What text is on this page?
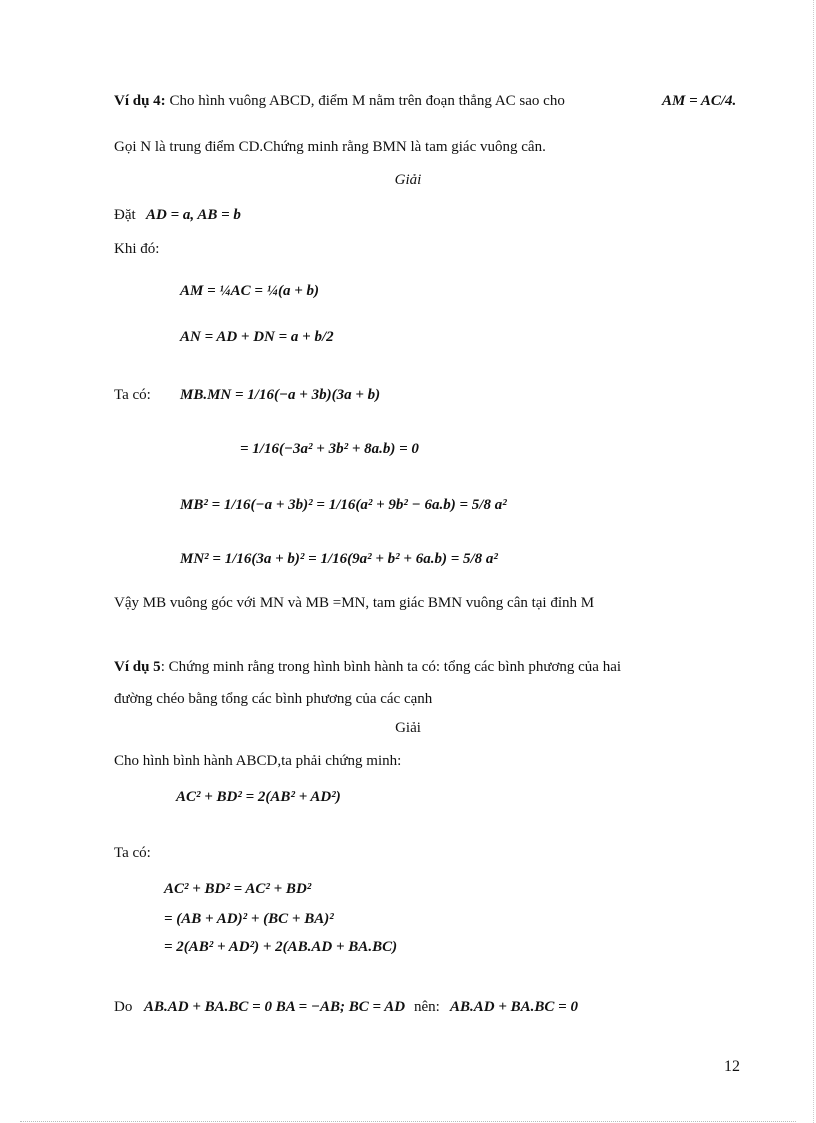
Ví dụ 4: Cho hình vuông ABCD, điểm M nằm trên đoạn thẳng AC sao cho	AM = AC/4.
Gọi N là trung điểm CD.Chứng minh rằng BMN là tam giác vuông cân.
Giải
Đặt AD = a, AB = b
Khi đó:
AM = ¼AC = ¼(a + b)
AN = AD + DN = a + b/2
Ta có: MB.MN = 1/16(−a + 3b)(3a + b)
= 1/16(−3a² + 3b² + 8a.b) = 0
MB² = 1/16(−a + 3b)² = 1/16(a² + 9b² − 6a.b) = 5/8 a²
MN² = 1/16(3a + b)² = 1/16(9a² + b² + 6a.b) = 5/8 a²
Vậy MB vuông góc với MN và MB =MN, tam giác BMN vuông cân tại đỉnh M
Ví dụ 5: Chứng minh rằng trong hình bình hành ta có: tổng các bình phương của hai
đường chéo bằng tổng các bình phương của các cạnh
Giải
Cho hình bình hành ABCD,ta phải chứng minh:
AC² + BD² = 2(AB² + AD²)
Ta có:
AC² + BD² = AC² + BD²
= (AB + AD)² + (BC + BA)²
= 2(AB² + AD²) + 2(AB.AD + BA.BC)
Do AB.AD + BA.BC = 0 BA = −AB; BC = AD nên: AB.AD + BA.BC = 0
12
